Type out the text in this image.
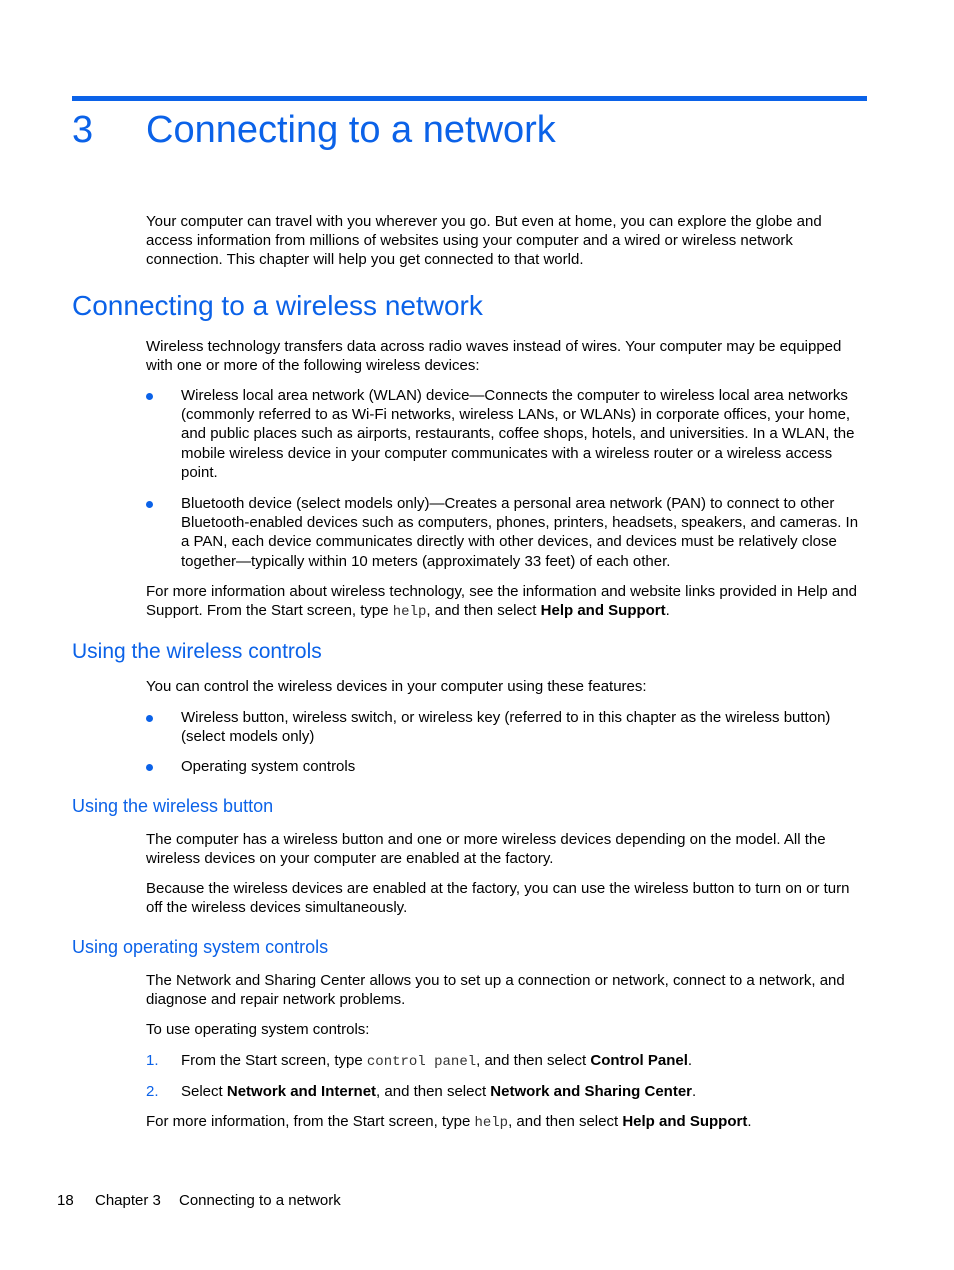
3 Connecting to a network

Your computer can travel with you wherever you go. But even at home, you can explore the globe and access information from millions of websites using your computer and a wired or wireless network connection. This chapter will help you get connected to that world.

Connecting to a wireless network

Wireless technology transfers data across radio waves instead of wires. Your computer may be equipped with one or more of the following wireless devices:

Wireless local area network (WLAN) device—Connects the computer to wireless local area networks (commonly referred to as Wi-Fi networks, wireless LANs, or WLANs) in corporate offices, your home, and public places such as airports, restaurants, coffee shops, hotels, and universities. In a WLAN, the mobile wireless device in your computer communicates with a wireless router or a wireless access point.
Bluetooth device (select models only)—Creates a personal area network (PAN) to connect to other Bluetooth-enabled devices such as computers, phones, printers, headsets, speakers, and cameras. In a PAN, each device communicates directly with other devices, and devices must be relatively close together—typically within 10 meters (approximately 33 feet) of each other.

For more information about wireless technology, see the information and website links provided in Help and Support. From the Start screen, type help, and then select Help and Support.

Using the wireless controls

You can control the wireless devices in your computer using these features:

Wireless button, wireless switch, or wireless key (referred to in this chapter as the wireless button) (select models only)
Operating system controls
Using the wireless button

The computer has a wireless button and one or more wireless devices depending on the model. All the wireless devices on your computer are enabled at the factory.

Because the wireless devices are enabled at the factory, you can use the wireless button to turn on or turn off the wireless devices simultaneously.

Using operating system controls

The Network and Sharing Center allows you to set up a connection or network, connect to a network, and diagnose and repair network problems.

To use operating system controls:

1. From the Start screen, type control panel, and then select Control Panel.
2. Select Network and Internet, and then select Network and Sharing Center.

For more information, from the Start screen, type help, and then select Help and Support.

18 Chapter 3 Connecting to a network
